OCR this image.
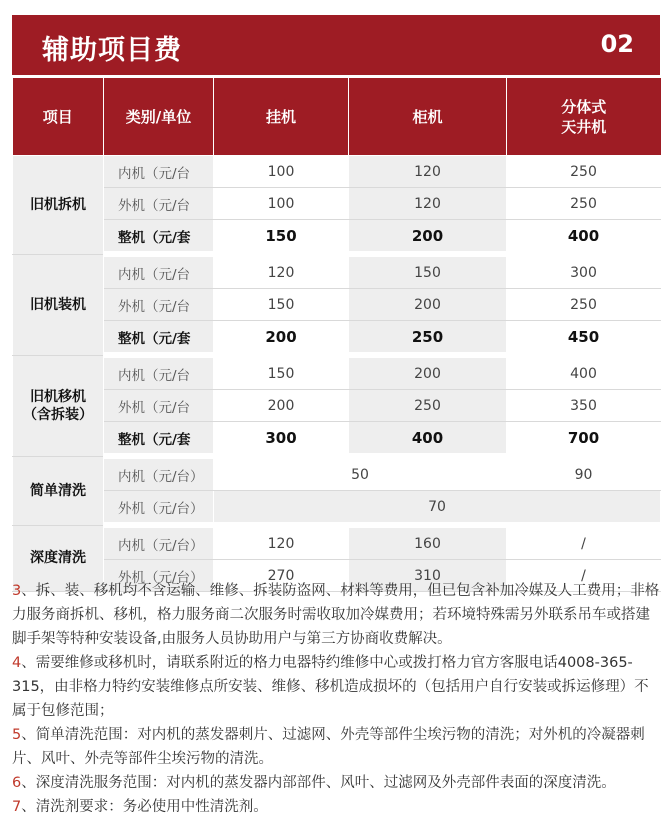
辅助项目费	02
项目	类别/单位	挂机	柜机	分体式
天井机
旧机拆机	内机（元/台	100	120	250
	外机（元/台	100	120	250
	整机（元/套	150	200	400
旧机装机	内机（元/台	120	150	300
	外机（元/台	150	200	250
	整机（元/套	200	250	450
旧机移机
（含拆装）	内机（元/台	150	200	400
	外机（元/台	200	250	350
	整机（元/套	300	400	700
简单清洗	内机（元/台）	50		90
	外机（元/台）	70		
深度清洗	内机（元/台）	120	160	/
	外机（元/台）	270	310	/

3、拆、装、移机均不含运输、维修、拆装防盗网、材料等费用，但已包含补加冷媒及人工费用；非格力服务商拆机、移机，格力服务商二次服务时需收取加冷媒费用；若环境特殊需另外联系吊车或搭建脚手架等特种安装设备,由服务人员协助用户与第三方协商收费解决。

4、需要维修或移机时，请联系附近的格力电器特约维修中心或拨打格力官方客服电话4008-365-315，由非格力特约安装维修点所安装、维修、移机造成损坏的（包括用户自行安装或拆运修理）不属于包修范围；

5、简单清洗范围：对内机的蒸发器刺片、过滤网、外壳等部件尘埃污物的清洗；对外机的冷凝器刺片、风叶、外壳等部件尘埃污物的清洗。

6、深度清洗服务范围：对内机的蒸发器内部部件、风叶、过滤网及外壳部件表面的深度清洗。

7、清洗剂要求：务必使用中性清洗剂。
